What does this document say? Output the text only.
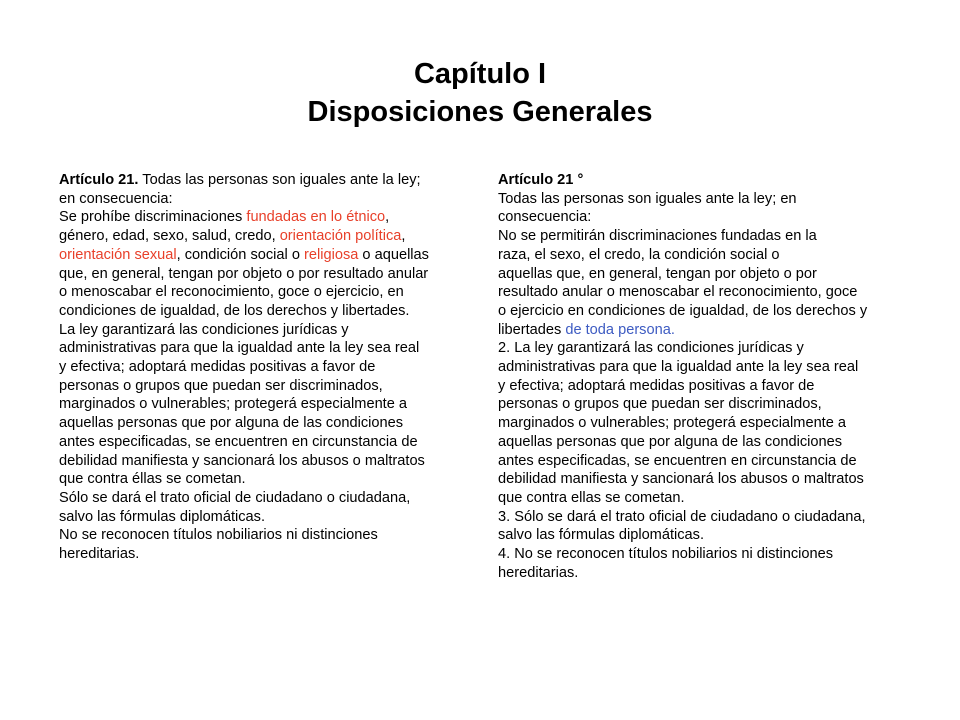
Capítulo I
Disposiciones Generales
Artículo 21. Todas las personas son iguales ante la ley;
en consecuencia:
Se prohíbe discriminaciones fundadas en lo étnico,
género, edad, sexo, salud, credo, orientación política,
orientación sexual, condición social o religiosa o aquellas
que, en general, tengan por objeto o por resultado anular
o menoscabar el reconocimiento, goce o ejercicio, en
condiciones de igualdad, de los derechos y libertades.
La ley garantizará las condiciones jurídicas y
administrativas para que la igualdad ante la ley sea real
y efectiva; adoptará medidas positivas a favor de
personas o grupos que puedan ser discriminados,
marginados o vulnerables; protegerá especialmente a
aquellas personas que por alguna de las condiciones
antes especificadas, se encuentren en circunstancia de
debilidad manifiesta y sancionará los abusos o maltratos
que contra éllas se cometan.
Sólo se dará el trato oficial de ciudadano o ciudadana,
salvo las fórmulas diplomáticas.
No se reconocen títulos nobiliarios ni distinciones
hereditarias.
Artículo 21 °
Todas las personas son iguales ante la ley; en
consecuencia:
No se permitirán discriminaciones fundadas en la
raza, el sexo, el credo, la condición social o
aquellas que, en general, tengan por objeto o por
resultado anular o menoscabar el reconocimiento, goce
o ejercicio en condiciones de igualdad, de los derechos y
libertades de toda persona.
2. La ley garantizará las condiciones jurídicas y
administrativas para que la igualdad ante la ley sea real
y efectiva; adoptará medidas positivas a favor de
personas o grupos que puedan ser discriminados,
marginados o vulnerables; protegerá especialmente a
aquellas personas que por alguna de las condiciones
antes especificadas, se encuentren en circunstancia de
debilidad manifiesta y sancionará los abusos o maltratos
que contra ellas se cometan.
3. Sólo se dará el trato oficial de ciudadano o ciudadana,
salvo las fórmulas diplomáticas.
4. No se reconocen títulos nobiliarios ni distinciones
hereditarias.
